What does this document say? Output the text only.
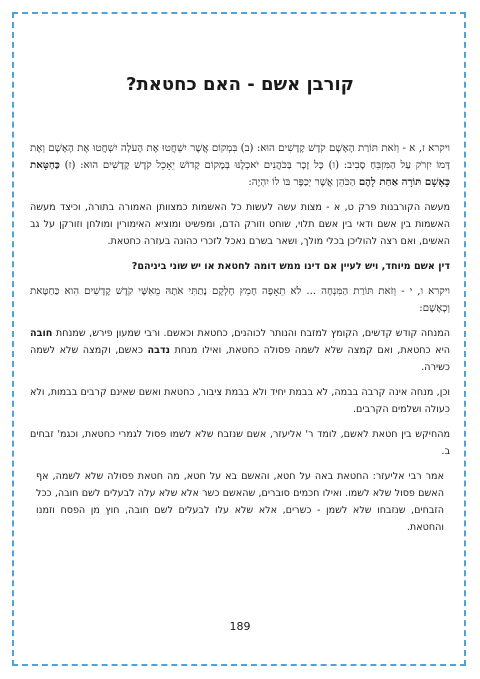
קורבן אשם - האם כחטאת?

ויקרא ז, א - וְזֹאת תּוֹרַת הָאָשָׁם קֹדֶשׁ קָדָשִׁים הוּא: (ב) בִּמְקוֹם אֲשֶׁר יִשְׁחֲטוּ אֶת הָעֹלָה יִשְׁחֲטוּ אֶת הָאָשָׁם וְאֶת דָּמוֹ יִזְרֹק עַל הַמִּזְבֵּחַ סָבִיב: (ו) כָּל זָכָר בַּכֹּהֲנִים יֹאכְלֶנּוּ בְּמָקוֹם קָדוֹשׁ יֵאָכֵל קֹדֶשׁ קָדָשִׁים הוּא: (ז) כַּחַטָּאת כָּאָשָׁם תּוֹרָה אַחַת לָהֶם הַכֹּהֵן אֲשֶׁר יְכַפֶּר בּוֹ לוֹ יִהְיֶה:

מעשה הקורבנות פרק ט, א - מצות עשה לעשות כל האשמות כמצוותן האמורה בתורה, וכיצד מעשה האשמות בין אשם ודאי בין אשם תלוי, שוחט וזורק הדם, ומפשיט ומוציא האימורין ומולחן וזורקן על גב האשים, ואם רצה להוליכן בכלי מולך, ושאר בשרם נאכל לזכרי כהונה בעזרה כחטאת.

דין אשם מיוחד, ויש לעיין אם דינו ממש דומה לחטאת או יש שוני ביניהם?

ויקרא ו, י - וְזֹאת תּוֹרַת הַמִּנְחָה ... לֹא תֵאָפֶה חָמֵץ חֶלְקָם נָתַתִּי אֹתָהּ מֵאִשָּׁי קֹדֶשׁ קָדָשִׁים הִוא כַּחַטָּאת וְכָאָשָׁם:

המנחה קודש קדשים, הקומץ למזבח והנותר לכוהנים, כחטאת וכאשם. ורבי שמעון פירש, שמנחת חובה היא כחטאת, ואם קמצה שלא לשמה פסולה כחטאת, ואילו מנחת נדבה כאשם, וקמצה שלא לשמה כשירה.

וכן, מנחה אינה קרבה בבמה, לא בבמת יחיד ולא בבמת ציבור, כחטאת ואשם שאינם קרבים בבמות, ולא כעולה ושלמים הקרבים.

מהחיקש בין חטאת לאשם, לומד ר' אליעזר, אשם שנזבח שלא לשמו פסול לגמרי כחטאת, וכגמ' זבחים ב.

אמר רבי אליעזר: החטאת באה על חטא, והאשם בא על חטא, מה חטאת פסולה שלא לשמה, אף האשם פסול שלא לשמו. ואילו חכמים סוברים, שהאשם כשר אלא שלא עלה לבעלים לשם חובה, ככל הזבחים, שנזבחו שלא לשמן - כשרים, אלא שלא עלו לבעלים לשם חובה, חוץ מן הפסח וזמנו והחטאת.

189
